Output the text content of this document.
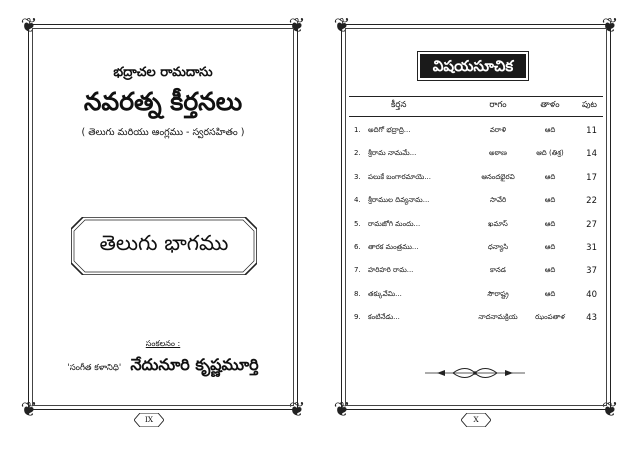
❦	❦
❦	❦
భద్రాచల రామదాసు
నవరత్న కీర్తనలు
( తెలుగు మరియు ఆంగ్లము - స్వరసహితం )
తెలుగు భాగము
సంకలనం :
'సంగీత కళానిధి' నేదునూరి కృష్ణమూర్తి
IX
❦	❦
❦	❦
విషయసూచిక
కీర్తన	రాగం	తాళం	పుట
1. అదిగో భద్రాద్రి...	వరాళి	ఆది	11
2. శ్రీరామ నామమే...	అఠాణ	ఆది (తిశ్ర)	14
3. పలుకే బంగారమాయె...	ఆనందభైరవి	ఆది	17
4. శ్రీరాముల దివ్యనామ...	సావేరి	ఆది	22
5. రామజోగి మందు...	ఖమాస్	ఆది	27
6. తారక మంత్రము...	ధన్యాసి	ఆది	31
7. హరిహరి రామ...	కానడ	ఆది	37
8. తక్కువేమి...	సౌరాష్ట్ర	ఆది	40
9. కంటినేడు...	నాదనామక్రియ	ఝంపతాళ	43
X
